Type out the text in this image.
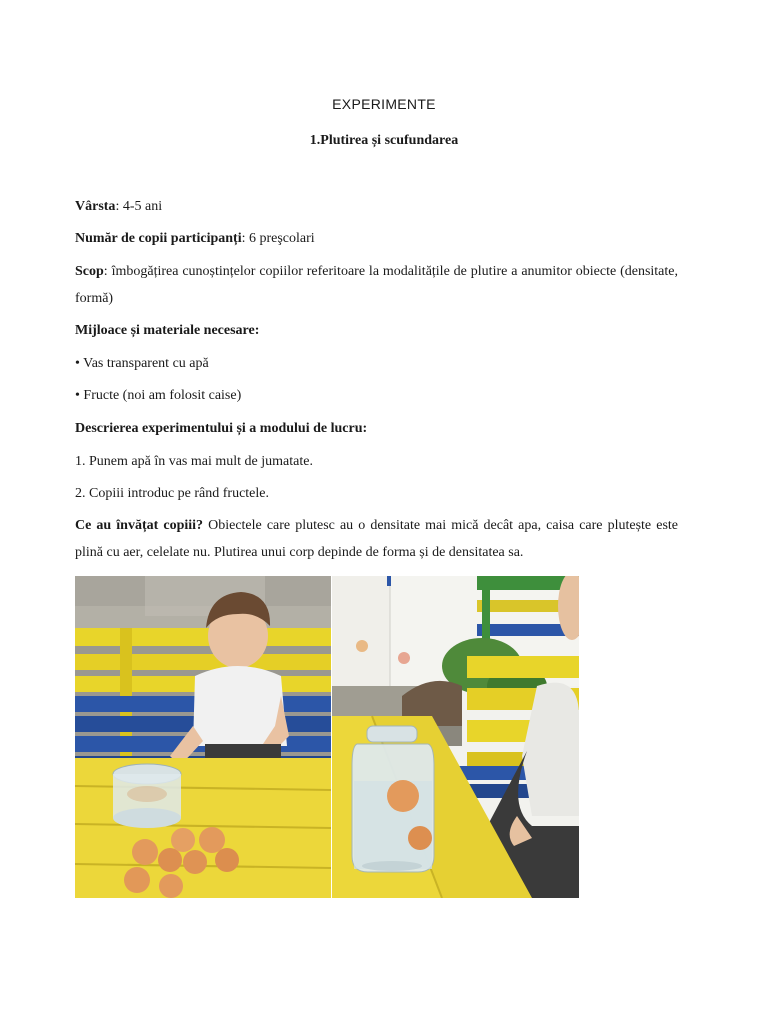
EXPERIMENTE
1.Plutirea și scufundarea

Vârsta: 4-5 ani

Număr de copii participanți: 6 preşcolari

Scop: îmbogățirea cunoștințelor copiilor referitoare la modalitățile de plutire a anumitor obiecte (densitate, formă)

Mijloace și materiale necesare:

• Vas transparent cu apă

• Fructe (noi am folosit caise)

Descrierea experimentului și a modului de lucru:

1. Punem apă în vas mai mult de jumatate.

2. Copiii introduc pe rând fructele.

Ce au învățat copiii? Obiectele care plutesc au o densitate mai mică decât apa, caisa care plutește este plină cu aer, celelate nu. Plutirea unui corp depinde de forma și de densitatea sa.
